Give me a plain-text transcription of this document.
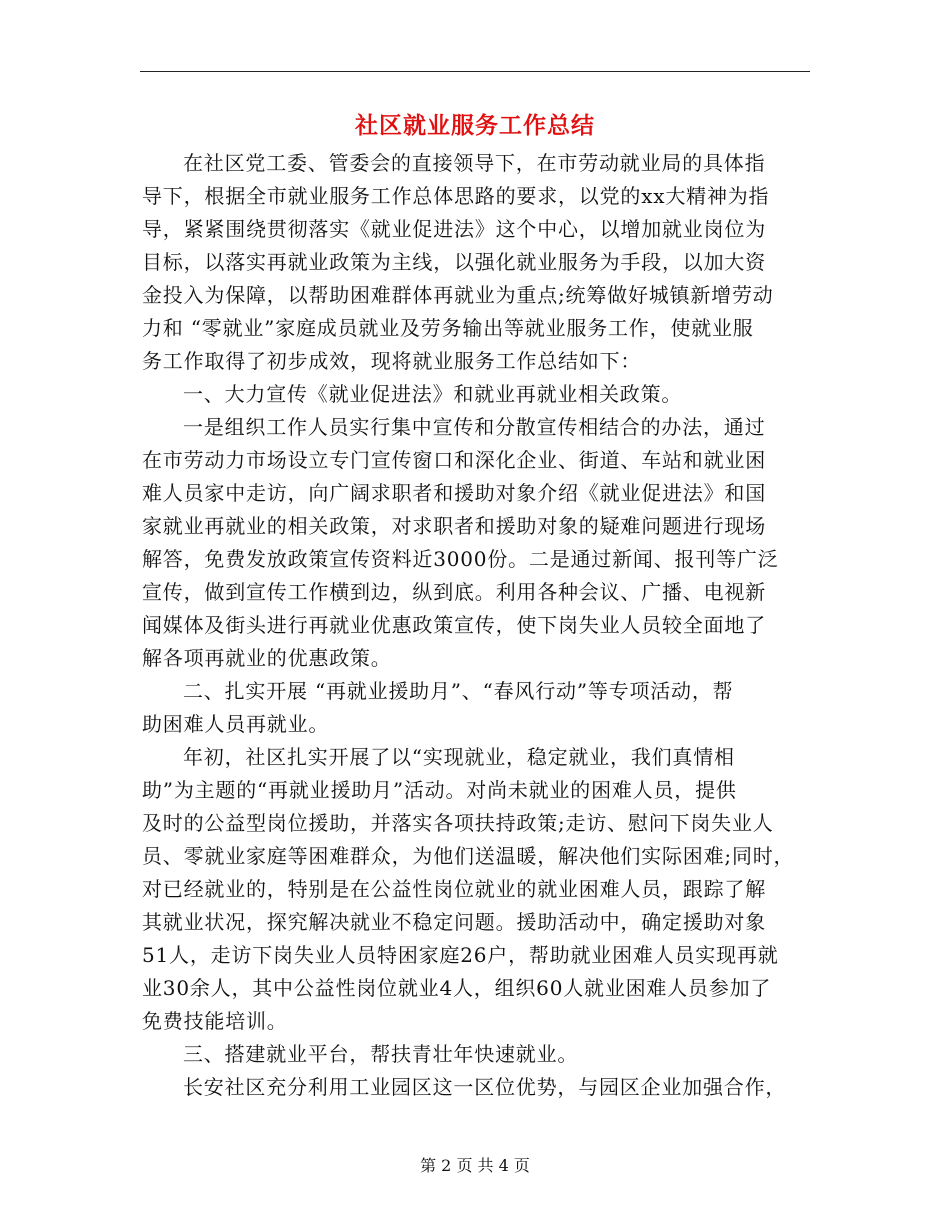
社区就业服务工作总结
在社区党工委、管委会的直接领导下，在市劳动就业局的具体指
导下，根据全市就业服务工作总体思路的要求，以党的xx大精神为指
导，紧紧围绕贯彻落实《就业促进法》这个中心，以增加就业岗位为
目标，以落实再就业政策为主线，以强化就业服务为手段，以加大资
金投入为保障，以帮助困难群体再就业为重点;统筹做好城镇新增劳动
力和 “零就业”家庭成员就业及劳务输出等就业服务工作，使就业服
务工作取得了初步成效，现将就业服务工作总结如下：
一、大力宣传《就业促进法》和就业再就业相关政策。
一是组织工作人员实行集中宣传和分散宣传相结合的办法，通过
在市劳动力市场设立专门宣传窗口和深化企业、街道、车站和就业困
难人员家中走访，向广阔求职者和援助对象介绍《就业促进法》和国
家就业再就业的相关政策，对求职者和援助对象的疑难问题进行现场
解答，免费发放政策宣传资料近3000份。二是通过新闻、报刊等广泛
宣传，做到宣传工作横到边，纵到底。利用各种会议、广播、电视新
闻媒体及街头进行再就业优惠政策宣传，使下岗失业人员较全面地了
解各项再就业的优惠政策。
二、扎实开展 “再就业援助月”、“春风行动”等专项活动，帮
助困难人员再就业。
年初，社区扎实开展了以“实现就业，稳定就业，我们真情相
助”为主题的“再就业援助月”活动。对尚未就业的困难人员，提供
及时的公益型岗位援助，并落实各项扶持政策;走访、慰问下岗失业人
员、零就业家庭等困难群众，为他们送温暖，解决他们实际困难;同时，
对已经就业的，特别是在公益性岗位就业的就业困难人员，跟踪了解
其就业状况，探究解决就业不稳定问题。援助活动中，确定援助对象
51人，走访下岗失业人员特困家庭26户，帮助就业困难人员实现再就
业30余人，其中公益性岗位就业4人，组织60人就业困难人员参加了
免费技能培训。
三、搭建就业平台，帮扶青壮年快速就业。
长安社区充分利用工业园区这一区位优势，与园区企业加强合作，
第 2 页 共 4 页
